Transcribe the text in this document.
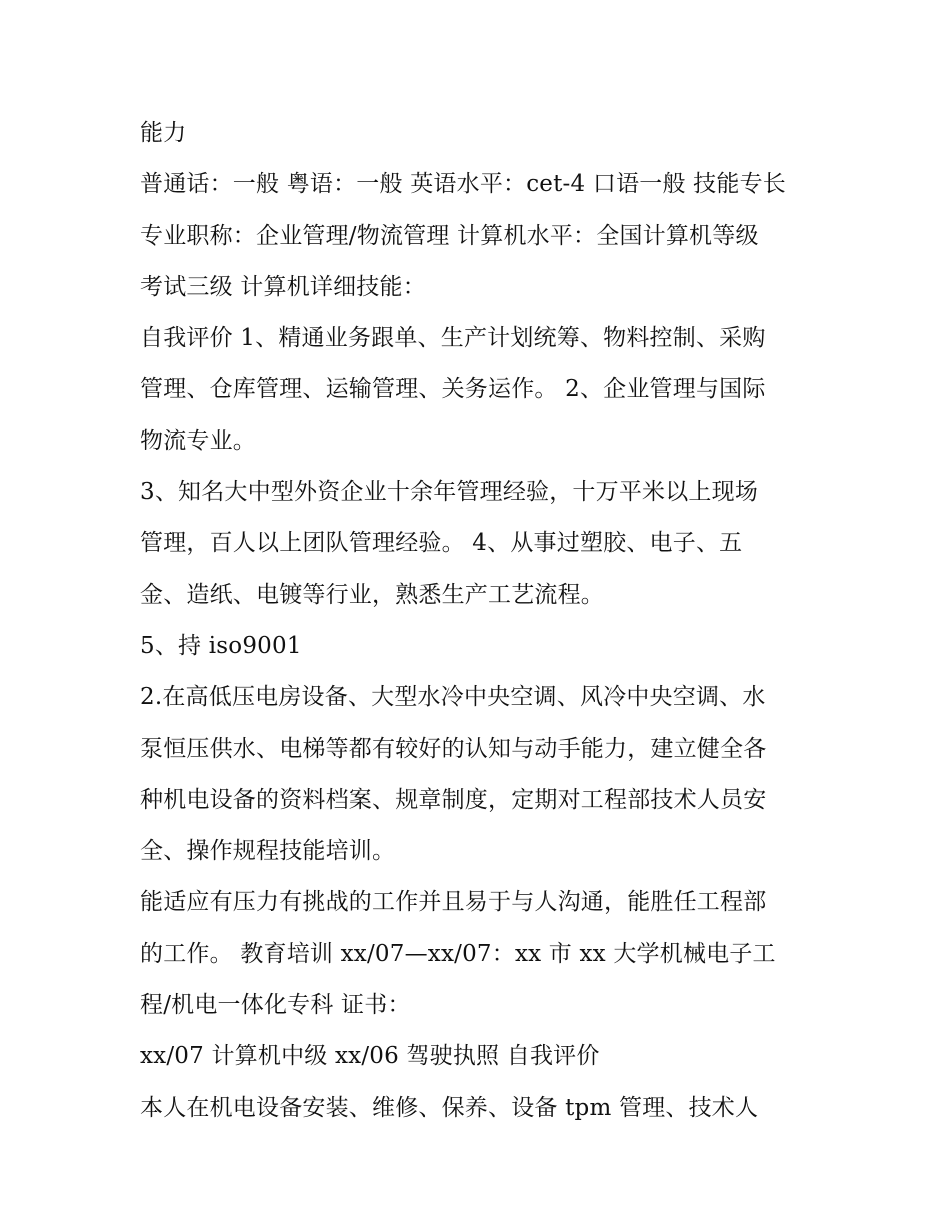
能力
普通话：一般 粤语：一般 英语水平：cet-4 口语一般 技能专长
专业职称：企业管理/物流管理 计算机水平：全国计算机等级
考试三级 计算机详细技能：
自我评价 1、精通业务跟单、生产计划统筹、物料控制、采购
管理、仓库管理、运输管理、关务运作。 2、企业管理与国际
物流专业。
3、知名大中型外资企业十余年管理经验，十万平米以上现场
管理，百人以上团队管理经验。 4、从事过塑胶、电子、五
金、造纸、电镀等行业，熟悉生产工艺流程。
5、持 iso9001
2.在高低压电房设备、大型水冷中央空调、风冷中央空调、水
泵恒压供水、电梯等都有较好的认知与动手能力，建立健全各
种机电设备的资料档案、规章制度，定期对工程部技术人员安
全、操作规程技能培训。
能适应有压力有挑战的工作并且易于与人沟通，能胜任工程部
的工作。 教育培训 xx/07—xx/07：xx 市 xx 大学机械电子工
程/机电一体化专科 证书：
xx/07 计算机中级 xx/06 驾驶执照 自我评价
本人在机电设备安装、维修、保养、设备 tpm 管理、技术人
